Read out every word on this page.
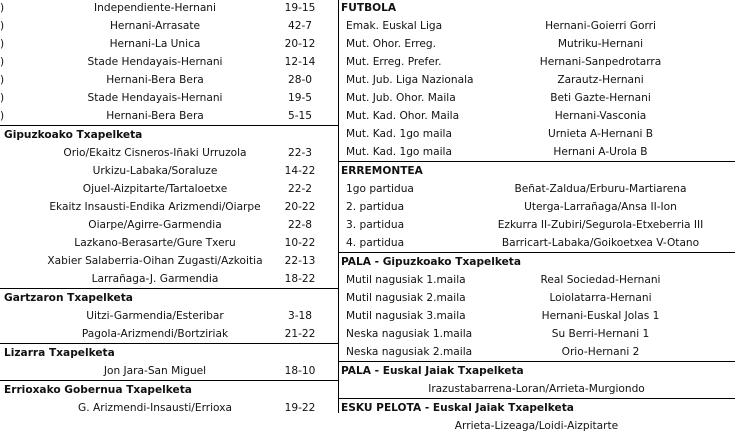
)	Independiente-Hernani	19-15
)	Hernani-Arrasate	42-7
)	Hernani-La Unica	20-12
)	Stade Hendayais-Hernani	12-14
)	Hernani-Bera Bera	28-0
)	Stade Hendayais-Hernani	19-5
)	Hernani-Bera Bera	5-15
Gipuzkoako Txapelketa
Orio/Ekaitz Cisneros-Iñaki Urruzola	22-3
Urkizu-Labaka/Soraluze	14-22
Ojuel-Aizpitarte/Tartaloetxe	22-2
Ekaitz Insausti-Endika Arizmendi/Oiarpe	20-22
Oiarpe/Agirre-Garmendia	22-8
Lazkano-Berasarte/Gure Txeru	10-22
Xabier Salaberria-Oihan Zugasti/Azkoitia	22-13
Larrañaga-J. Garmendia	18-22
Gartzaron Txapelketa
Uitzi-Garmendia/Esteribar	3-18
Pagola-Arizmendi/Bortziriak	21-22
Lizarra Txapelketa
Jon Jara-San Miguel	18-10
Errioxako Gobernua Txapelketa
G. Arizmendi-Insausti/Errioxa	19-22
FUTBOLA
Emak. Euskal Liga	Hernani-Goierri Gorri
Mut. Ohor. Erreg.	Mutriku-Hernani
Mut. Erreg. Prefer.	Hernani-Sanpedrotarra
Mut. Jub. Liga Nazionala	Zarautz-Hernani
Mut. Jub. Ohor. Maila	Beti Gazte-Hernani
Mut. Kad. Ohor. Maila	Hernani-Vasconia
Mut. Kad. 1go maila	Urnieta A-Hernani B
Mut. Kad. 1go maila	Hernani A-Urola B
ERREMONTEA
1go partidua	Beñat-Zaldua/Erburu-Martiarena
2. partidua	Uterga-Larrañaga/Ansa II-Ion
3. partidua	Ezkurra II-Zubiri/Segurola-Etxeberria III
4. partidua	Barricart-Labaka/Goikoetxea V-Otano
PALA - Gipuzkoako Txapelketa
Mutil nagusiak 1.maila	Real Sociedad-Hernani
Mutil nagusiak 2.maila	Loiolatarra-Hernani
Mutil nagusiak 3.maila	Hernani-Euskal Jolas 1
Neska nagusiak 1.maila	Su Berri-Hernani 1
Neska nagusiak 2.maila	Orio-Hernani 2
PALA - Euskal Jaiak Txapelketa
Irazustabarrena-Loran/Arrieta-Murgiondo
ESKU PELOTA - Euskal Jaiak Txapelketa
Arrieta-Lizeaga/Loidi-Aizpitarte
